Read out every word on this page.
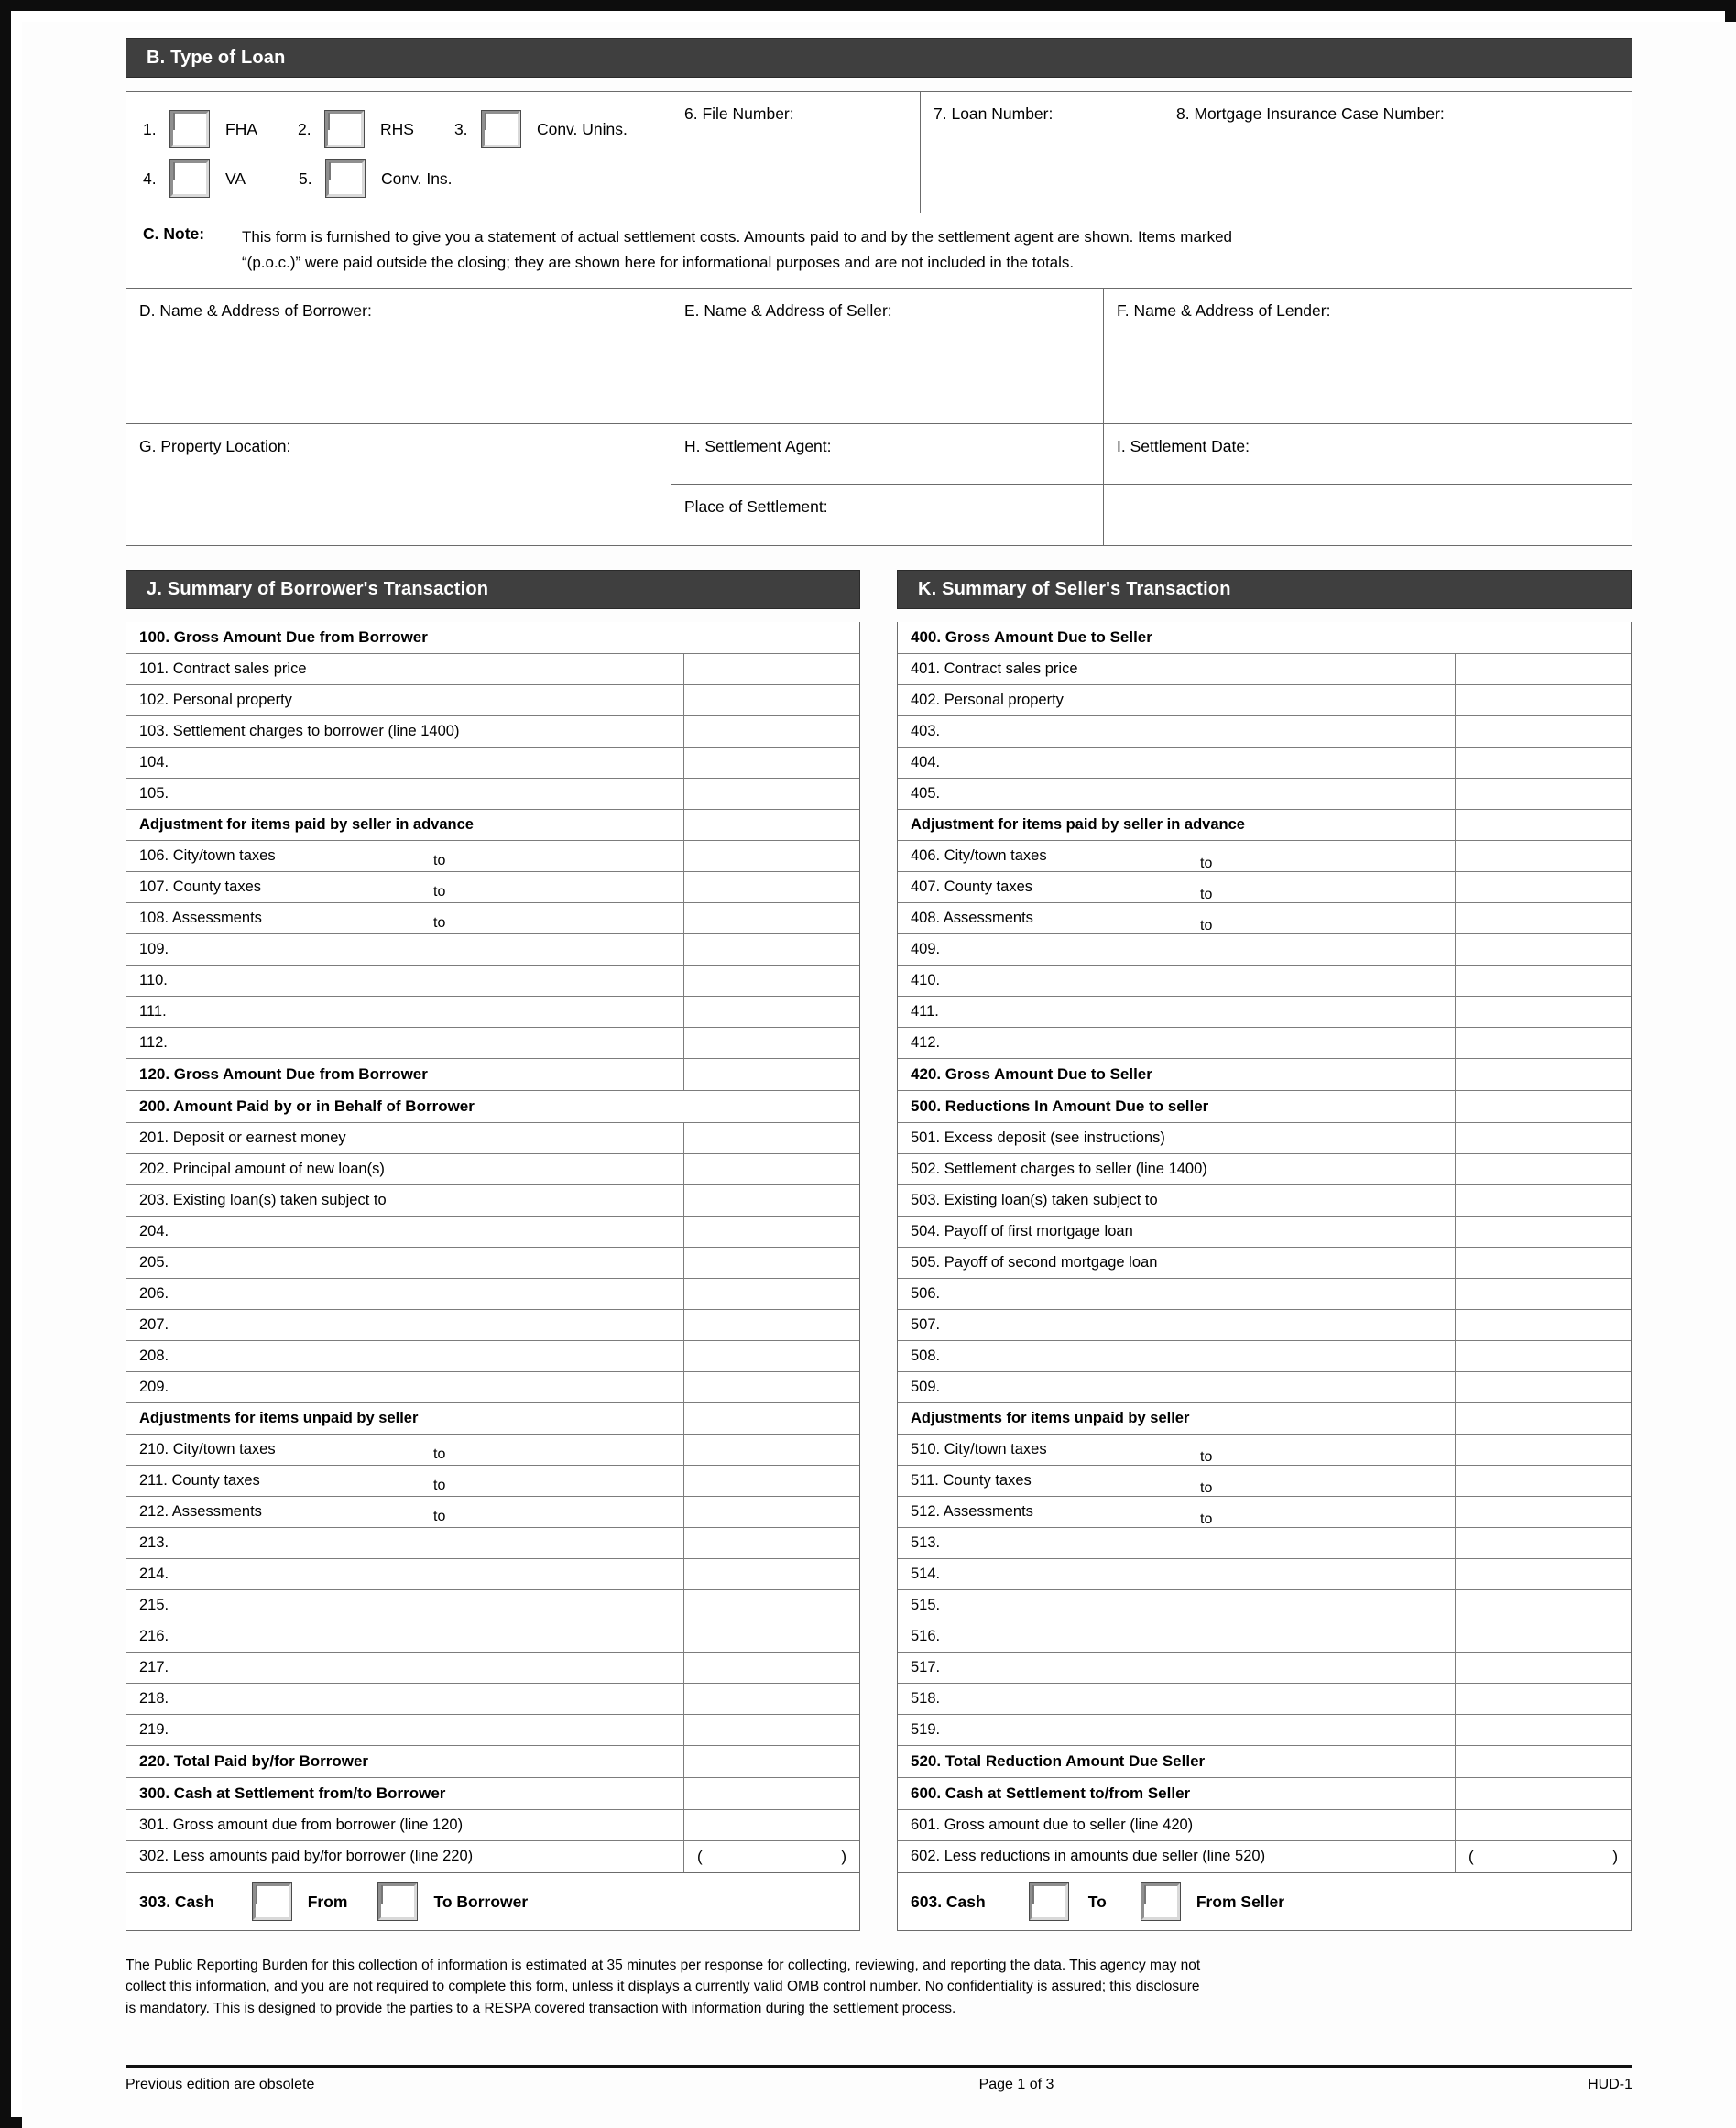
B. Type of Loan
1.	FHA	2.	RHS	3.	Conv. Unins.
4.	VA	5.	Conv. Ins.
6. File Number:	7. Loan Number:	8. Mortgage Insurance Case Number:
C. Note:	This form is furnished to give you a statement of actual settlement costs. Amounts paid to and by the settlement agent are shown. Items marked
“(p.o.c.)” were paid outside the closing; they are shown here for informational purposes and are not included in the totals.
D. Name & Address of Borrower:	E. Name & Address of Seller:	F. Name & Address of Lender:
G. Property Location:	H. Settlement Agent:
Place of Settlement:
I. Settlement Date:
J. Summary of Borrower's Transaction
100. Gross Amount Due from Borrower
101. Contract sales price
102. Personal property
103. Settlement charges to borrower (line 1400)
104.
105.
Adjustment for items paid by seller in advance
106. City/town taxes	to
107. County taxes	to
108. Assessments	to
109.
110.
111.
112.
120. Gross Amount Due from Borrower
200. Amount Paid by or in Behalf of Borrower
201. Deposit or earnest money
202. Principal amount of new loan(s)
203. Existing loan(s) taken subject to
204.
205.
206.
207.
208.
209.
Adjustments for items unpaid by seller
210. City/town taxes	to
211. County taxes	to
212. Assessments	to
213.
214.
215.
216.
217.
218.
219.
220. Total Paid by/for Borrower
300. Cash at Settlement from/to Borrower
301. Gross amount due from borrower (line 120)
302. Less amounts paid by/for borrower (line 220)	(	)
303. Cash	From	To Borrower
K. Summary of Seller's Transaction
400. Gross Amount Due to Seller
401. Contract sales price
402. Personal property
403.
404.
405.
Adjustment for items paid by seller in advance
406. City/town taxes	to
407. County taxes	to
408. Assessments	to
409.
410.
411.
412.
420. Gross Amount Due to Seller
500. Reductions In Amount Due to seller
501. Excess deposit (see instructions)
502. Settlement charges to seller (line 1400)
503. Existing loan(s) taken subject to
504. Payoff of first mortgage loan
505. Payoff of second mortgage loan
506.
507.
508.
509.
Adjustments for items unpaid by seller
510. City/town taxes	to
511. County taxes	to
512. Assessments	to
513.
514.
515.
516.
517.
518.
519.
520. Total Reduction Amount Due Seller
600. Cash at Settlement to/from Seller
601. Gross amount due to seller (line 420)
602. Less reductions in amounts due seller (line 520)	(	)
603. Cash	To	From Seller
The Public Reporting Burden for this collection of information is estimated at 35 minutes per response for collecting, reviewing, and reporting the data. This agency may not
collect this information, and you are not required to complete this form, unless it displays a currently valid OMB control number. No confidentiality is assured; this disclosure
is mandatory. This is designed to provide the parties to a RESPA covered transaction with information during the settlement process.
Previous edition are obsolete	Page 1 of 3	HUD-1
